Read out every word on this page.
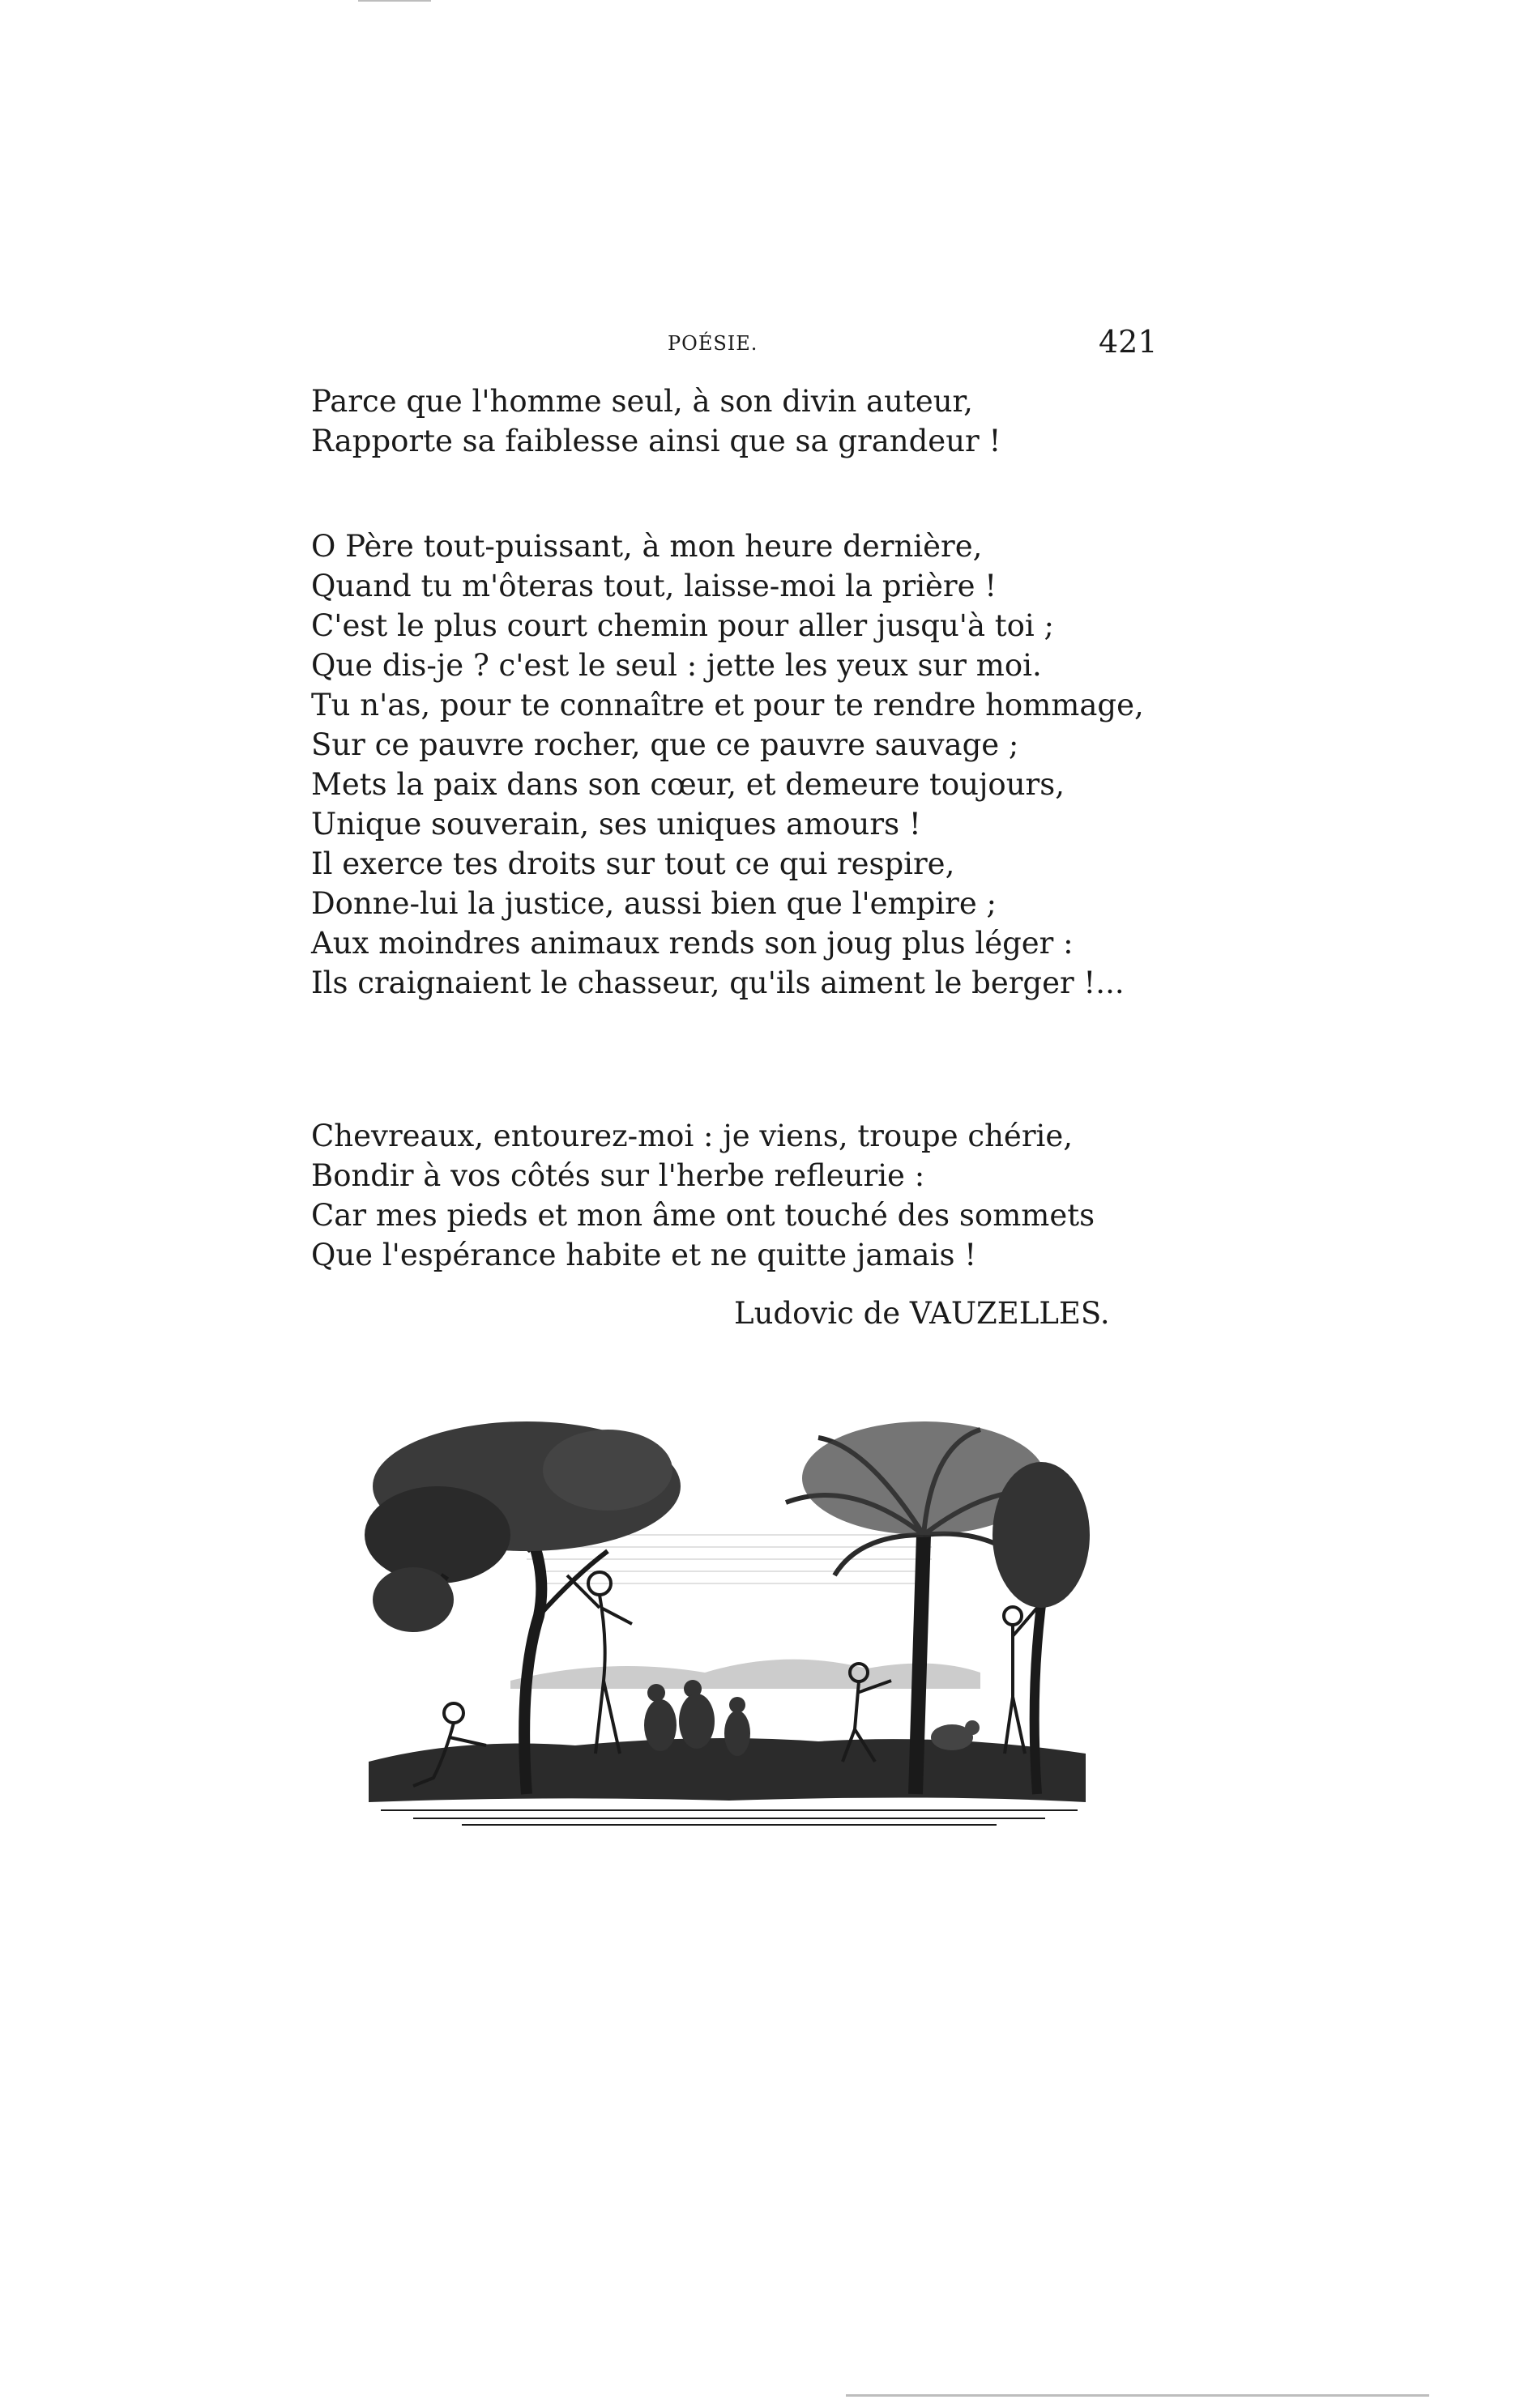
POÉSIE.	421
Parce que l'homme seul, à son divin auteur,
Rapporte sa faiblesse ainsi que sa grandeur !
O Père tout-puissant, à mon heure dernière,
Quand tu m'ôteras tout, laisse-moi la prière !
C'est le plus court chemin pour aller jusqu'à toi ;
Que dis-je ? c'est le seul : jette les yeux sur moi.
Tu n'as, pour te connaître et pour te rendre hommage,
Sur ce pauvre rocher, que ce pauvre sauvage ;
Mets la paix dans son cœur, et demeure toujours,
Unique souverain, ses uniques amours !
Il exerce tes droits sur tout ce qui respire,
Donne-lui la justice, aussi bien que l'empire ;
Aux moindres animaux rends son joug plus léger :
Ils craignaient le chasseur, qu'ils aiment le berger !...
Chevreaux, entourez-moi : je viens, troupe chérie,
Bondir à vos côtés sur l'herbe refleurie :
Car mes pieds et mon âme ont touché des sommets
Que l'espérance habite et ne quitte jamais !
Ludovic de VAUZELLES.
